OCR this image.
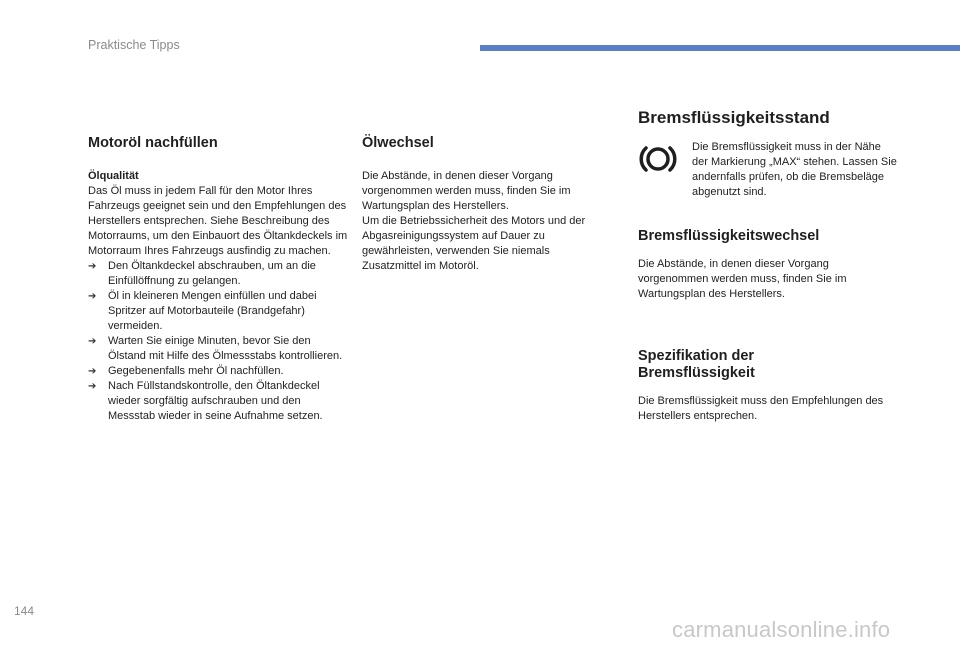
Praktische Tipps
Motoröl nachfüllen

Ölqualität

Das Öl muss in jedem Fall für den Motor Ihres Fahrzeugs geeignet sein und den Empfehlungen des Herstellers entsprechen. Siehe Beschreibung des Motorraums, um den Einbauort des Öltankdeckels im Motorraum Ihres Fahrzeugs ausfindig zu machen.

➔ Den Öltankdeckel abschrauben, um an die Einfüllöffnung zu gelangen.
➔ Öl in kleineren Mengen einfüllen und dabei Spritzer auf Motorbauteile (Brandgefahr) vermeiden.
➔ Warten Sie einige Minuten, bevor Sie den Ölstand mit Hilfe des Ölmessstabs kontrollieren.
➔ Gegebenenfalls mehr Öl nachfüllen.
➔ Nach Füllstandskontrolle, den Öltankdeckel wieder sorgfältig aufschrauben und den Messstab wieder in seine Aufnahme setzen.
Ölwechsel

Die Abstände, in denen dieser Vorgang vorgenommen werden muss, finden Sie im Wartungsplan des Herstellers.

Um die Betriebssicherheit des Motors und der Abgasreinigungssystem auf Dauer zu gewährleisten, verwenden Sie niemals Zusatzmittel im Motoröl.

Bremsflüssigkeitsstand

Die Bremsflüssigkeit muss in der Nähe der Markierung „MAX“ stehen. Lassen Sie andernfalls prüfen, ob die Bremsbeläge abgenutzt sind.

Bremsflüssigkeitswechsel

Die Abstände, in denen dieser Vorgang vorgenommen werden muss, finden Sie im Wartungsplan des Herstellers.

Spezifikation der
Bremsflüssigkeit

Die Bremsflüssigkeit muss den Empfehlungen des Herstellers entsprechen.

144
carmanualsonline.info
